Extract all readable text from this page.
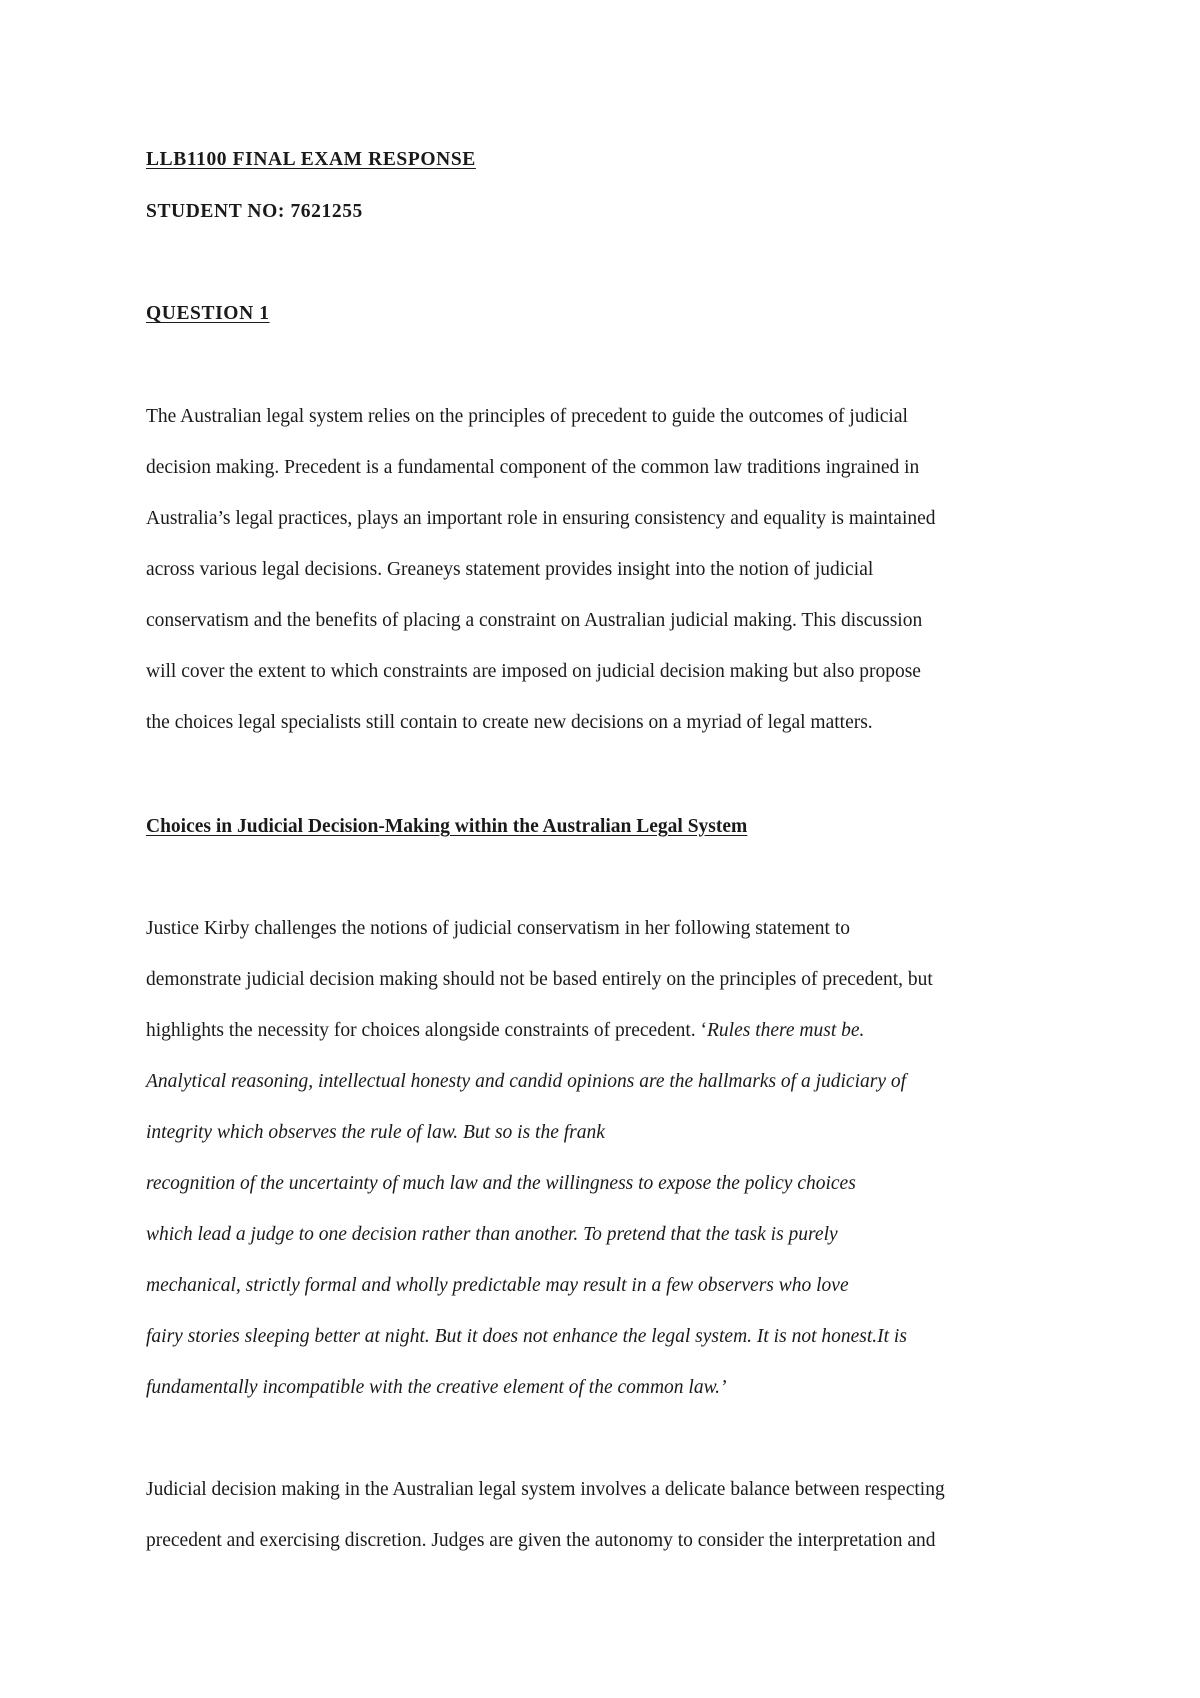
LLB1100 FINAL EXAM RESPONSE
STUDENT NO: 7621255
QUESTION 1
The Australian legal system relies on the principles of precedent to guide the outcomes of judicial
decision making. Precedent is a fundamental component of the common law traditions ingrained in
Australia’s legal practices, plays an important role in ensuring consistency and equality is maintained
across various legal decisions. Greaneys statement provides insight into the notion of judicial
conservatism and the benefits of placing a constraint on Australian judicial making. This discussion
will cover the extent to which constraints are imposed on judicial decision making but also propose
the choices legal specialists still contain to create new decisions on a myriad of legal matters.
Choices in Judicial Decision-Making within the Australian Legal System
Justice Kirby challenges the notions of judicial conservatism in her following statement to
demonstrate judicial decision making should not be based entirely on the principles of precedent, but
highlights the necessity for choices alongside constraints of precedent. ‘Rules there must be.
Analytical reasoning, intellectual honesty and candid opinions are the hallmarks of a judiciary of
integrity which observes the rule of law. But so is the frank
recognition of the uncertainty of much law and the willingness to expose the policy choices
which lead a judge to one decision rather than another. To pretend that the task is purely
mechanical, strictly formal and wholly predictable may result in a few observers who love
fairy stories sleeping better at night. But it does not enhance the legal system. It is not honest.It is
fundamentally incompatible with the creative element of the common law.’
Judicial decision making in the Australian legal system involves a delicate balance between respecting
precedent and exercising discretion. Judges are given the autonomy to consider the interpretation and
